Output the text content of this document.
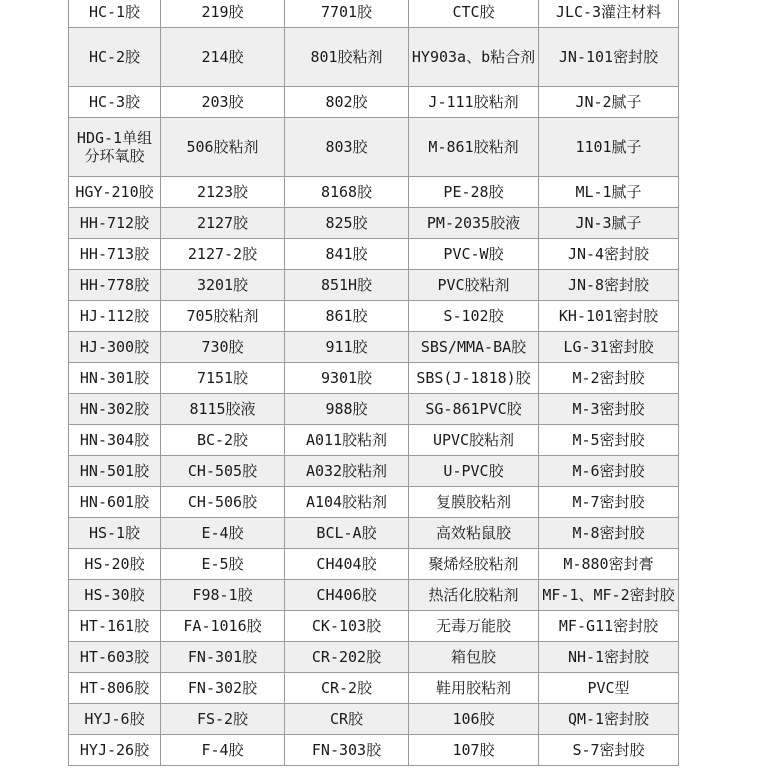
HC-1胶	219胶	7701胶	CTC胶	JLC-3灌注材料
HC-2胶	214胶	801胶粘剂	HY903a、b粘合剂	JN-101密封胶
HC-3胶	203胶	802胶	J-111胶粘剂	JN-2腻子
HDG-1单组分环氧胶	506胶粘剂	803胶	M-861胶粘剂	1101腻子
HGY-210胶	2123胶	8168胶	PE-28胶	ML-1腻子
HH-712胶	2127胶	825胶	PM-2035胶液	JN-3腻子
HH-713胶	2127-2胶	841胶	PVC-W胶	JN-4密封胶
HH-778胶	3201胶	851H胶	PVC胶粘剂	JN-8密封胶
HJ-112胶	705胶粘剂	861胶	S-102胶	KH-101密封胶
HJ-300胶	730胶	911胶	SBS/MMA-BA胶	LG-31密封胶
HN-301胶	7151胶	9301胶	SBS(J-1818)胶	M-2密封胶
HN-302胶	8115胶液	988胶	SG-861PVC胶	M-3密封胶
HN-304胶	BC-2胶	A011胶粘剂	UPVC胶粘剂	M-5密封胶
HN-501胶	CH-505胶	A032胶粘剂	U-PVC胶	M-6密封胶
HN-601胶	CH-506胶	A104胶粘剂	复膜胶粘剂	M-7密封胶
HS-1胶	E-4胶	BCL-A胶	高效粘鼠胶	M-8密封胶
HS-20胶	E-5胶	CH404胶	聚烯烃胶粘剂	M-880密封膏
HS-30胶	F98-1胶	CH406胶	热活化胶粘剂	MF-1、MF-2密封胶
HT-161胶	FA-1016胶	CK-103胶	无毒万能胶	MF-G11密封胶
HT-603胶	FN-301胶	CR-202胶	箱包胶	NH-1密封胶
HT-806胶	FN-302胶	CR-2胶	鞋用胶粘剂	PVC型
HYJ-6胶	FS-2胶	CR胶	106胶	QM-1密封胶
HYJ-26胶	F-4胶	FN-303胶	107胶	S-7密封胶
